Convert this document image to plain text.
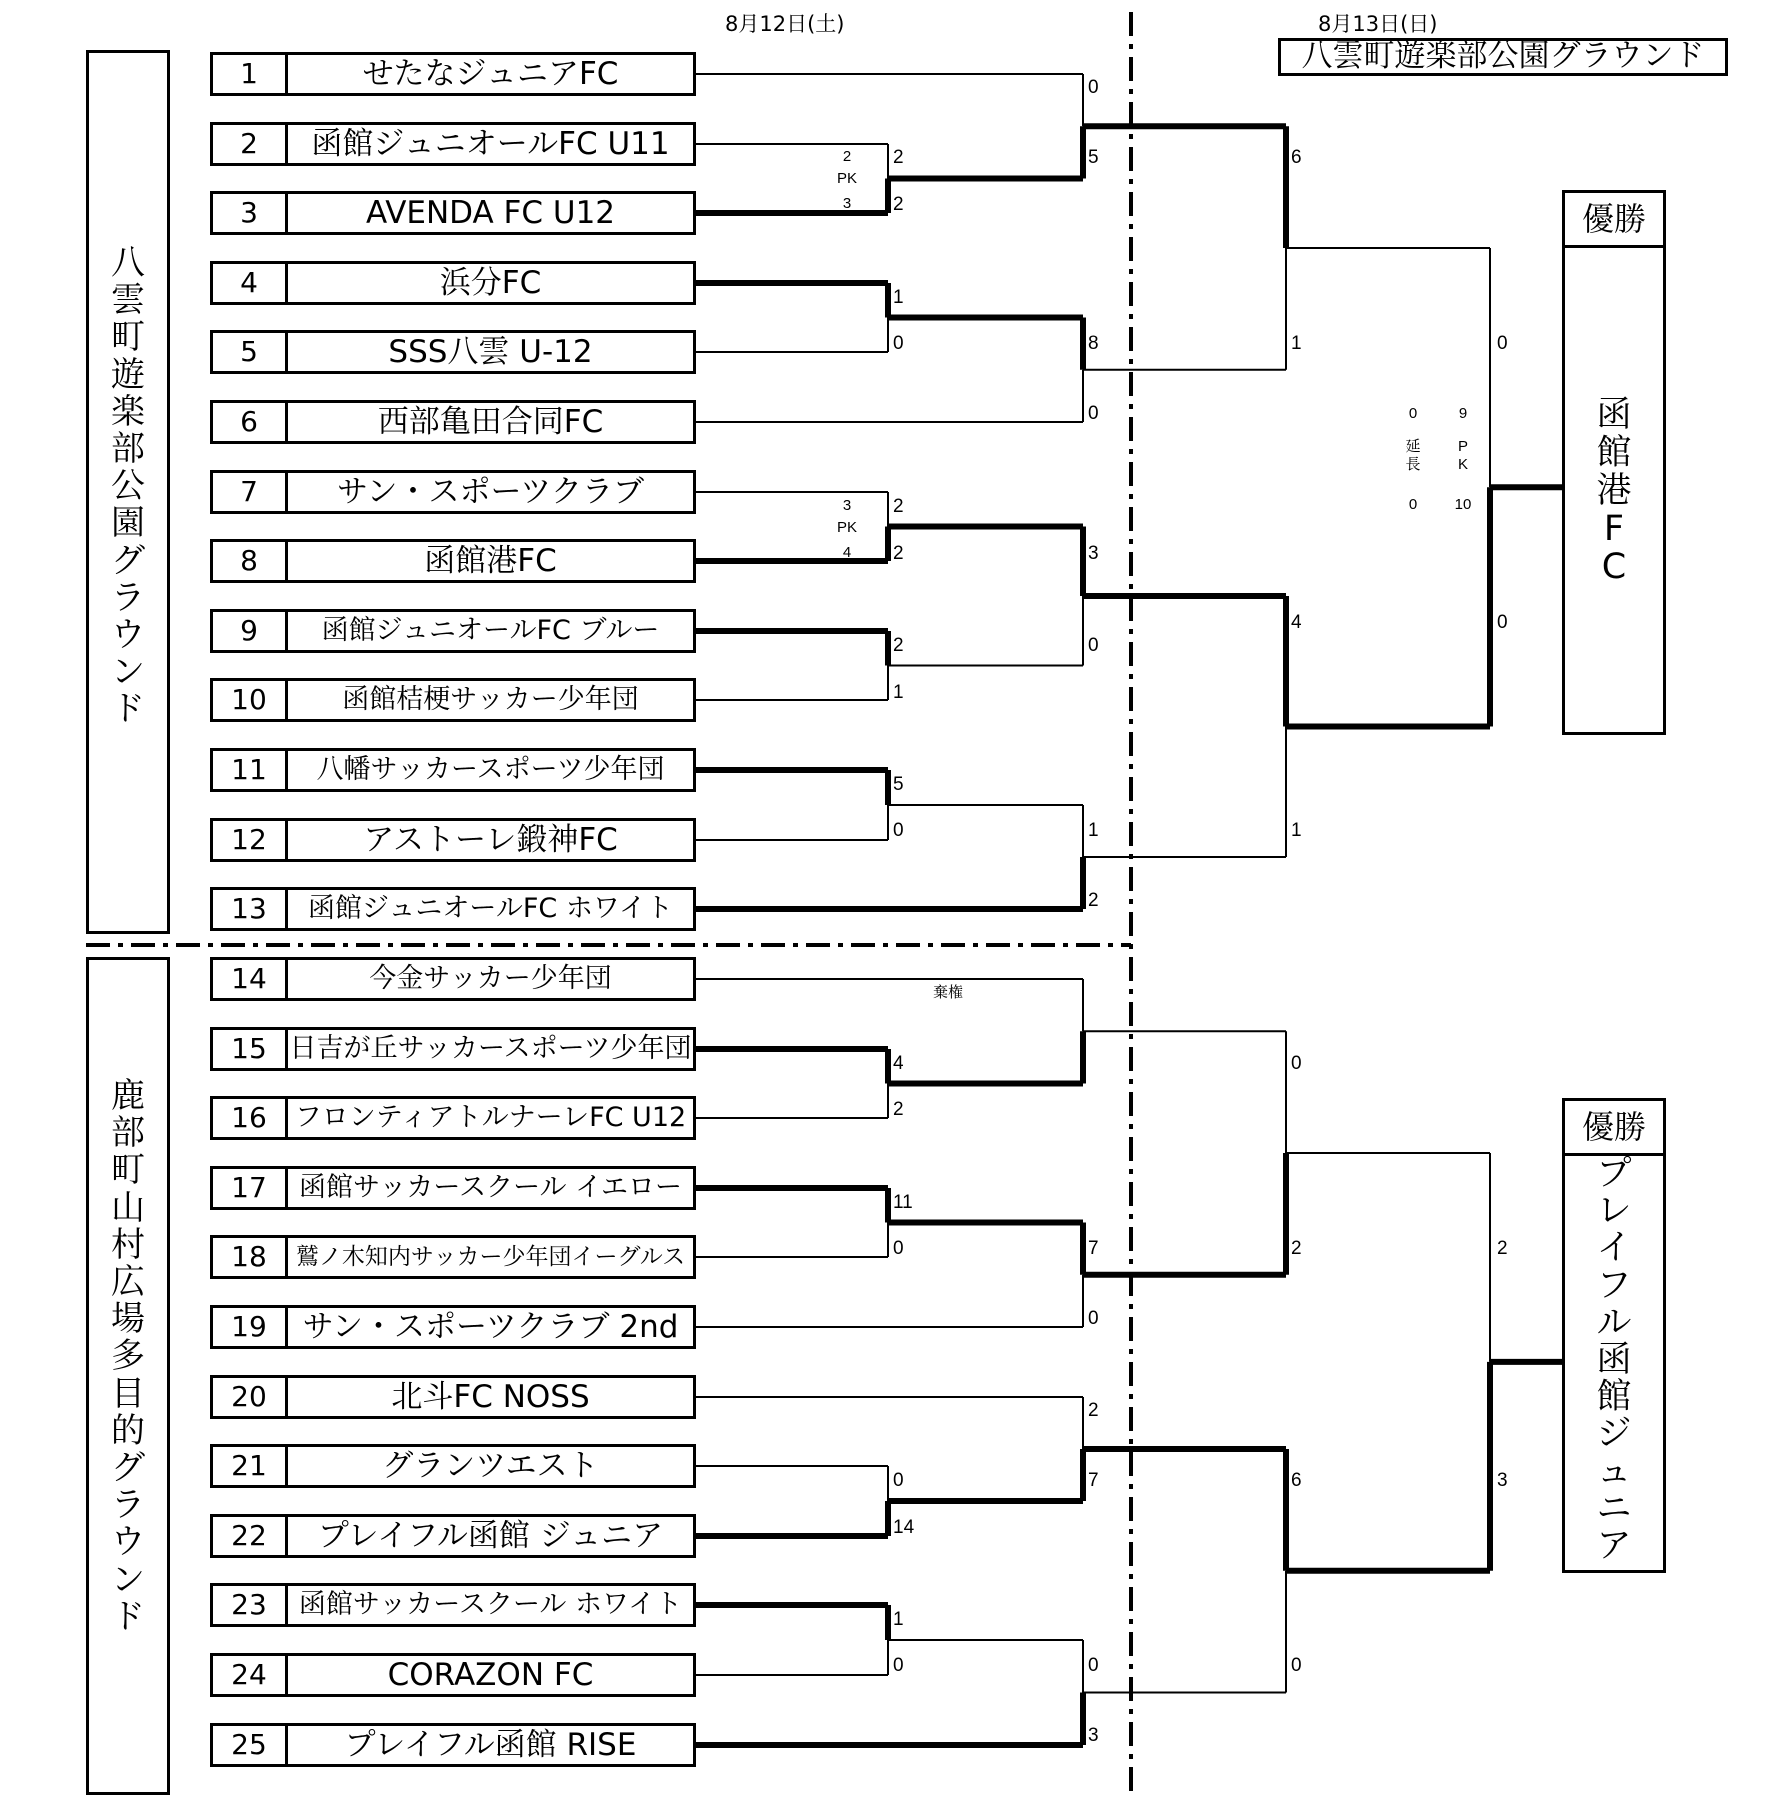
8月12日(土)	8月13日(日)
八雲町遊楽部公園グラウンド
八雲町遊楽部公園グラウンド
鹿部町山村広場多目的グラウンド
1	せたなジュニアFC
2	函館ジュニオールFC U11
3	AVENDA FC U12
4	浜分FC
5	SSS八雲 U-12
6	西部亀田合同FC
7	サン・スポーツクラブ
8	函館港FC
9	函館ジュニオールFC ブルー
10	函館桔梗サッカー少年団
11	八幡サッカースポーツ少年団
12	アストーレ鍛神FC
13	函館ジュニオールFC ホワイト
14	今金サッカー少年団
15 日吉が丘サッカースポーツ少年団
16	フロンティアトルナーレFC U12
17	函館サッカースクール イエロー
18	鷲ノ木知内サッカー少年団イーグルス
19	サン・スポーツクラブ 2nd
20	北斗FC NOSS
21	グランツエスト
22	プレイフル函館 ジュニア
23	函館サッカースクール ホワイト
24	CORAZON FC
25	プレイフル函館 RISE
2
2
2
PK
3
1
0
2
2
3
PK
4
2
1
5
0
4
2
11
0
0
14
1
0
0
5
8
0
3
0
1
2
棄権
7
0
2
7
0
3
6
1
4
1
0
2
6
0
0
0
0
延長
0
9
PK
10
2
3
優勝
函館港FC
優勝
プレイフル函館ジュニア
